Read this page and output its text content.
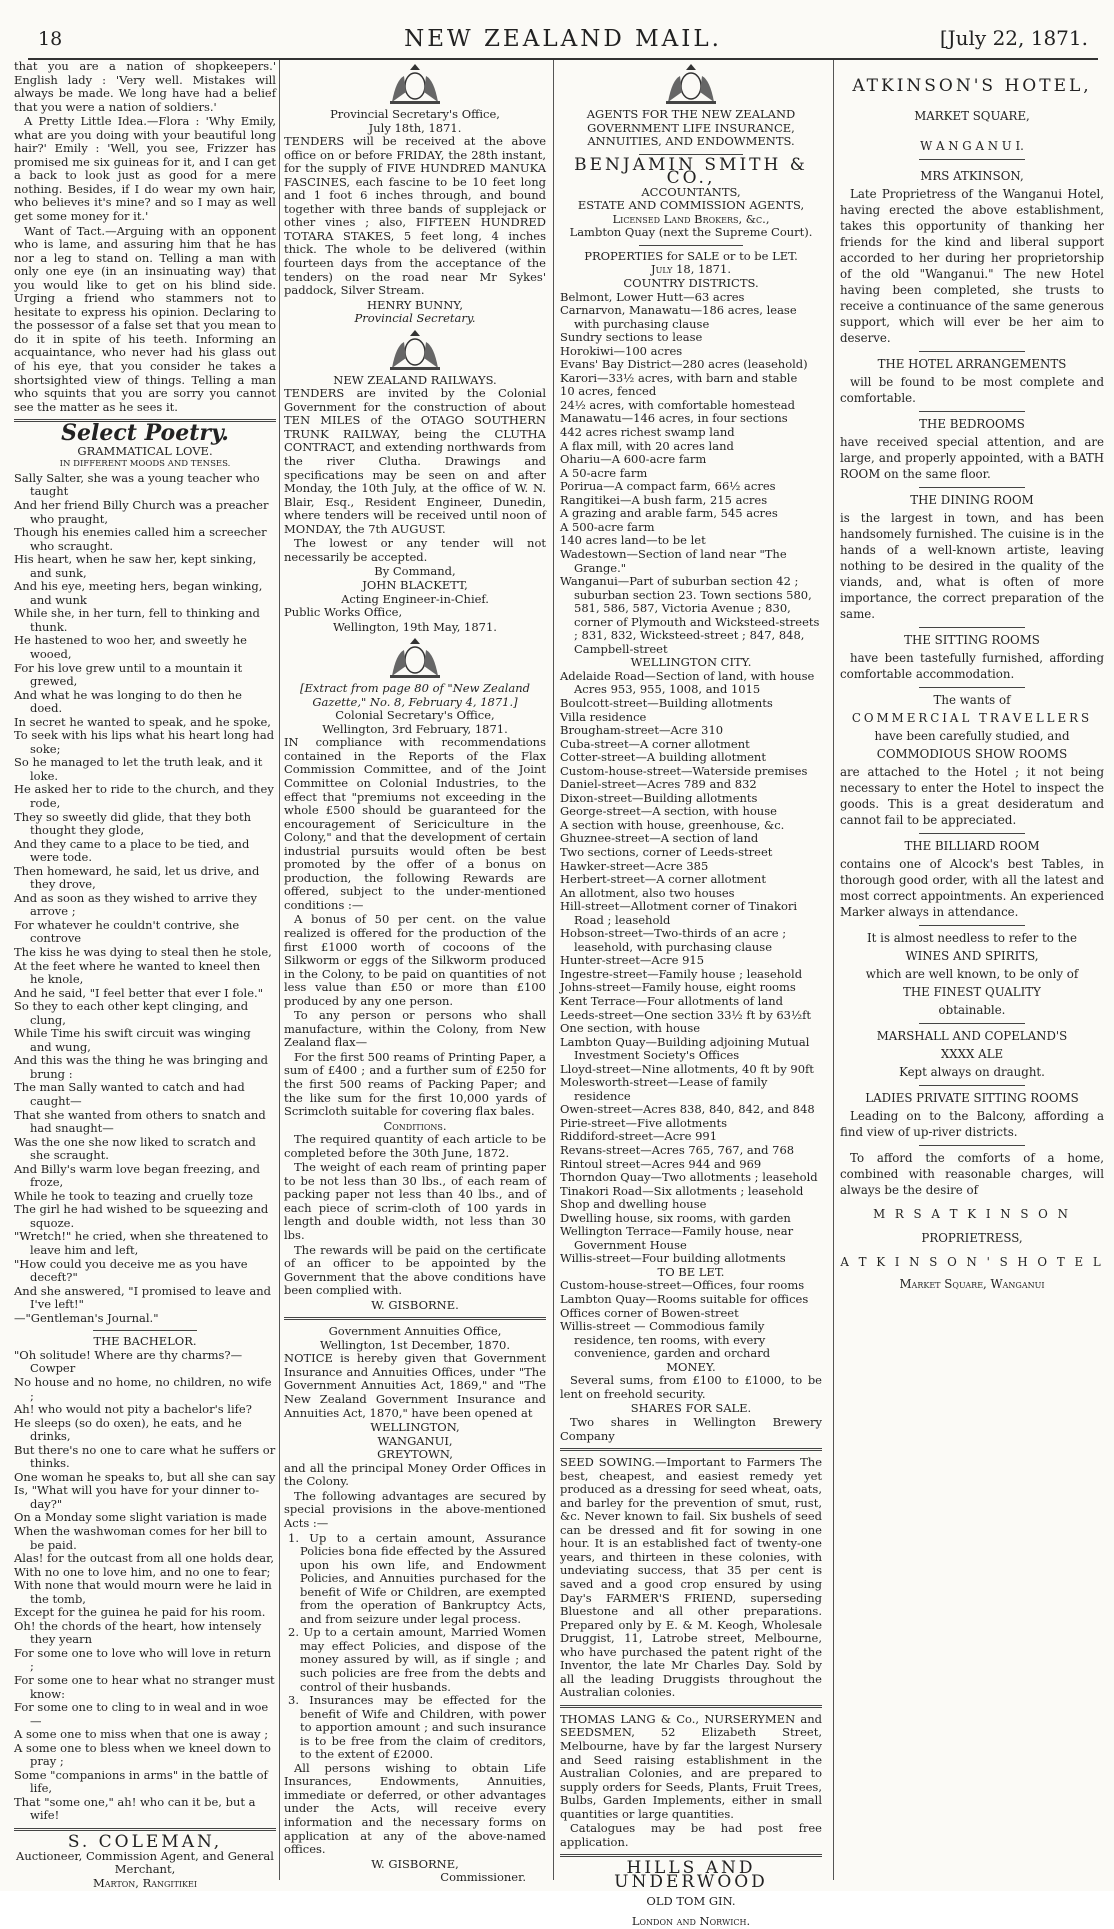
18	NEW ZEALAND MAIL.	[July 22, 1871.

that you are a nation of shopkeepers.' English lady : 'Very well. Mistakes will always be made. We long have had a belief that you were a nation of soldiers.'

A Pretty Little Idea.—Flora : 'Why Emily, what are you doing with your beautiful long hair?' Emily : 'Well, you see, Frizzer has promised me six guineas for it, and I can get a back to look just as good for a mere nothing. Besides, if I do wear my own hair, who believes it's mine? and so I may as well get some money for it.'

Want of Tact.—Arguing with an opponent who is lame, and assuring him that he has nor a leg to stand on. Telling a man with only one eye (in an insinuating way) that you would like to get on his blind side. Urging a friend who stammers not to hesitate to express his opinion. Declaring to the possessor of a false set that you mean to do it in spite of his teeth. Informing an acquaintance, who never had his glass out of his eye, that you consider he takes a shortsighted view of things. Telling a man who squints that you are sorry you cannot see the matter as he sees it.

Select Poetry.
GRAMMATICAL LOVE.
IN DIFFERENT MOODS AND TENSES.
Sally Salter, she was a young teacher who taught
And her friend Billy Church was a preacher who praught,
Though his enemies called him a screecher who scraught.
His heart, when he saw her, kept sinking, and sunk,
And his eye, meeting hers, began winking, and wunk
While she, in her turn, fell to thinking and thunk.
He hastened to woo her, and sweetly he wooed,
For his love grew until to a mountain it grewed,
And what he was longing to do then he doed.
In secret he wanted to speak, and he spoke,
To seek with his lips what his heart long had soke;
So he managed to let the truth leak, and it loke.
He asked her to ride to the church, and they rode,
They so sweetly did glide, that they both thought they glode,
And they came to a place to be tied, and were tode.
Then homeward, he said, let us drive, and they drove,
And as soon as they wished to arrive they arrove ;
For whatever he couldn't contrive, she controve
The kiss he was dying to steal then he stole,
At the feet where he wanted to kneel then he knole,
And he said, "I feel better that ever I fole."
So they to each other kept clinging, and clung,
While Time his swift circuit was winging and wung,
And this was the thing he was bringing and brung :
The man Sally wanted to catch and had caught—
That she wanted from others to snatch and had snaught—
Was the one she now liked to scratch and she scraught.
And Billy's warm love began freezing, and froze,
While he took to teazing and cruelly toze
The girl he had wished to be squeezing and squoze.
"Wretch!" he cried, when she threatened to leave him and left,
"How could you deceive me as you have deceft?"
And she answered, "I promised to leave and I've left!"
—"Gentleman's Journal."
THE BACHELOR.
"Oh solitude! Where are thy charms?—Cowper
No house and no home, no children, no wife ;
Ah! who would not pity a bachelor's life?
He sleeps (so do oxen), he eats, and he drinks,
But there's no one to care what he suffers or thinks.
One woman he speaks to, but all she can say
Is, "What will you have for your dinner to-day?"
On a Monday some slight variation is made
When the washwoman comes for her bill to be paid.
Alas! for the outcast from all one holds dear,
With no one to love him, and no one to fear;
With none that would mourn were he laid in the tomb,
Except for the guinea he paid for his room.
Oh! the chords of the heart, how intensely they yearn
For some one to love who will love in return ;
For some one to hear what no stranger must know:
For some one to cling to in weal and in woe—
A some one to miss when that one is away ;
A some one to bless when we kneel down to pray ;
Some "companions in arms" in the battle of life,
That "some one," ah! who can it be, but a wife!
S. COLEMAN,
Auctioneer, Commission Agent, and General Merchant,
Marton, Rangitikei
Provincial Secretary's Office,
July 18th, 1871.

TENDERS will be received at the above office on or before FRIDAY, the 28th instant, for the supply of FIVE HUNDRED MANUKA FASCINES, each fascine to be 10 feet long and 1 foot 6 inches through, and bound together with three bands of supplejack or other vines ; also, FIFTEEN HUNDRED TOTARA STAKES, 5 feet long, 4 inches thick. The whole to be delivered (within fourteen days from the acceptance of the tenders) on the road near Mr Sykes' paddock, Silver Stream.

HENRY BUNNY,
Provincial Secretary.
NEW ZEALAND RAILWAYS.

TENDERS are invited by the Colonial Government for the construction of about TEN MILES of the OTAGO SOUTHERN TRUNK RAILWAY, being the CLUTHA CONTRACT, and extending northwards from the river Clutha. Drawings and specifications may be seen on and after Monday, the 10th July, at the office of W. N. Blair, Esq., Resident Engineer, Dunedin, where tenders will be received until noon of MONDAY, the 7th AUGUST.

The lowest or any tender will not necessarily be accepted.

By Command,
JOHN BLACKETT,
Acting Engineer-in-Chief.
Public Works Office,
Wellington, 19th May, 1871.
[Extract from page 80 of "New Zealand Gazette," No. 8, February 4, 1871.]
Colonial Secretary's Office,
Wellington, 3rd February, 1871.

IN compliance with recommendations contained in the Reports of the Flax Commission Committee, and of the Joint Committee on Colonial Industries, to the effect that "premiums not exceeding in the whole £500 should be guaranteed for the encouragement of Sericiculture in the Colony," and that the development of certain industrial pursuits would often be best promoted by the offer of a bonus on production, the following Rewards are offered, subject to the under-mentioned conditions :—

A bonus of 50 per cent. on the value realized is offered for the production of the first £1000 worth of cocoons of the Silkworm or eggs of the Silkworm produced in the Colony, to be paid on quantities of not less value than £50 or more than £100 produced by any one person.

To any person or persons who shall manufacture, within the Colony, from New Zealand flax—

For the first 500 reams of Printing Paper, a sum of £400 ; and a further sum of £250 for the first 500 reams of Packing Paper; and the like sum for the first 10,000 yards of Scrimcloth suitable for covering flax bales.

Conditions.

The required quantity of each article to be completed before the 30th June, 1872.

The weight of each ream of printing paper to be not less than 30 lbs., of each ream of packing paper not less than 40 lbs., and of each piece of scrim-cloth of 100 yards in length and double width, not less than 30 lbs.

The rewards will be paid on the certificate of an officer to be appointed by the Government that the above conditions have been complied with.

W. GISBORNE.
Government Annuities Office,
Wellington, 1st December, 1870.

NOTICE is hereby given that Government Insurance and Annuities Offices, under "The Government Annuities Act, 1869," and "The New Zealand Government Insurance and Annuities Act, 1870," have been opened at

WELLINGTON,
WANGANUI,
GREYTOWN,

and all the principal Money Order Offices in the Colony.

The following advantages are secured by special provisions in the above-mentioned Acts :—

1. Up to a certain amount, Assurance Policies bona fide effected by the Assured upon his own life, and Endowment Policies, and Annuities purchased for the benefit of Wife or Children, are exempted from the operation of Bankruptcy Acts, and from seizure under legal process.
2. Up to a certain amount, Married Women may effect Policies, and dispose of the money assured by will, as if single ; and such policies are free from the debts and control of their husbands.
3. Insurances may be effected for the benefit of Wife and Children, with power to apportion amount ; and such insurance is to be free from the claim of creditors, to the extent of £2000.

All persons wishing to obtain Life Insurances, Endowments, Annuities, immediate or deferred, or other advantages under the Acts, will receive every information and the necessary forms on application at any of the above-named offices.

W. GISBORNE,
Commissioner.
AGENTS FOR THE NEW ZEALAND GOVERNMENT LIFE INSURANCE, ANNUITIES, AND ENDOWMENTS.
BENJAMIN SMITH & CO.,
ACCOUNTANTS,
ESTATE AND COMMISSION AGENTS,
Licensed Land Brokers, &c.,
Lambton Quay (next the Supreme Court).
PROPERTIES for SALE or to be LET.
July 18, 1871.
COUNTRY DISTRICTS.
Belmont, Lower Hutt—63 acres
Carnarvon, Manawatu—186 acres, lease with purchasing clause
Sundry sections to lease
Horokiwi—100 acres
Evans' Bay District—280 acres (leasehold)
Karori—33½ acres, with barn and stable
10 acres, fenced
24½ acres, with comfortable homestead
Manawatu—146 acres, in four sections
442 acres richest swamp land
A flax mill, with 20 acres land
Ohariu—A 600-acre farm
A 50-acre farm
Porirua—A compact farm, 66½ acres
Rangitikei—A bush farm, 215 acres
A grazing and arable farm, 545 acres
A 500-acre farm
140 acres land—to be let
Wadestown—Section of land near "The Grange."
Wanganui—Part of suburban section 42 ; suburban section 23. Town sections 580, 581, 586, 587, Victoria Avenue ; 830, corner of Plymouth and Wicksteed-streets ; 831, 832, Wicksteed-street ; 847, 848, Campbell-street
WELLINGTON CITY.
Adelaide Road—Section of land, with house Acres 953, 955, 1008, and 1015
Boulcott-street—Building allotments
Villa residence
Brougham-street—Acre 310
Cuba-street—A corner allotment
Cotter-street—A building allotment
Custom-house-street—Waterside premises
Daniel-street—Acres 789 and 832
Dixon-street—Building allotments
George-street—A section, with house
A section with house, greenhouse, &c.
Ghuznee-street—A section of land
Two sections, corner of Leeds-street
Hawker-street—Acre 385
Herbert-street—A corner allotment
An allotment, also two houses
Hill-street—Allotment corner of Tinakori Road ; leasehold
Hobson-street—Two-thirds of an acre ; leasehold, with purchasing clause
Hunter-street—Acre 915
Ingestre-street—Family house ; leasehold
Johns-street—Family house, eight rooms
Kent Terrace—Four allotments of land
Leeds-street—One section 33½ ft by 63½ft
One section, with house
Lambton Quay—Building adjoining Mutual Investment Society's Offices
Lloyd-street—Nine allotments, 40 ft by 90ft
Molesworth-street—Lease of family residence
Owen-street—Acres 838, 840, 842, and 848
Pirie-street—Five allotments
Riddiford-street—Acre 991
Revans-street—Acres 765, 767, and 768
Rintoul street—Acres 944 and 969
Thorndon Quay—Two allotments ; leasehold
Tinakori Road—Six allotments ; leasehold
Shop and dwelling house
Dwelling house, six rooms, with garden
Wellington Terrace—Family house, near Government House
Willis-street—Four building allotments
TO BE LET.
Custom-house-street—Offices, four rooms
Lambton Quay—Rooms suitable for offices
Offices corner of Bowen-street
Willis-street — Commodious family residence, ten rooms, with every convenience, garden and orchard
MONEY.

Several sums, from £100 to £1000, to be lent on freehold security.

SHARES FOR SALE.

Two shares in Wellington Brewery Company

SEED SOWING.—Important to Farmers The best, cheapest, and easiest remedy yet produced as a dressing for seed wheat, oats, and barley for the prevention of smut, rust, &c. Never known to fail. Six bushels of seed can be dressed and fit for sowing in one hour. It is an established fact of twenty-one years, and thirteen in these colonies, with undeviating success, that 35 per cent is saved and a good crop ensured by using Day's FARMER'S FRIEND, superseding Bluestone and all other preparations. Prepared only by E. & M. Keogh, Wholesale Druggist, 11, Latrobe street, Melbourne, who have purchased the patent right of the Inventor, the late Mr Charles Day. Sold by all the leading Druggists throughout the Australian colonies.

THOMAS LANG & Co., NURSERYMEN and SEEDSMEN, 52 Elizabeth Street, Melbourne, have by far the largest Nursery and Seed raising establishment in the Australian Colonies, and are prepared to supply orders for Seeds, Plants, Fruit Trees, Bulbs, Garden Implements, either in small quantities or large quantities.

Catalogues may be had post free application.

HILLS AND UNDERWOOD
OLD TOM GIN.
London and Norwich.
ATKINSON'S HOTEL,
MARKET SQUARE,
W A N G A N U I.
MRS ATKINSON,

Late Proprietress of the Wanganui Hotel, having erected the above establishment, takes this opportunity of thanking her friends for the kind and liberal support accorded to her during her proprietorship of the old "Wanganui." The new Hotel having been completed, she trusts to receive a continuance of the same generous support, which will ever be her aim to deserve.

THE HOTEL ARRANGEMENTS

will be found to be most complete and comfortable.

THE BEDROOMS

have received special attention, and are large, and properly appointed, with a BATH ROOM on the same floor.

THE DINING ROOM

is the largest in town, and has been handsomely furnished. The cuisine is in the hands of a well-known artiste, leaving nothing to be desired in the quality of the viands, and, what is often of more importance, the correct preparation of the same.

THE SITTING ROOMS

have been tastefully furnished, affording comfortable accommodation.

The wants of
COMMERCIAL TRAVELLERS
have been carefully studied, and
COMMODIOUS SHOW ROOMS

are attached to the Hotel ; it not being necessary to enter the Hotel to inspect the goods. This is a great desideratum and cannot fail to be appreciated.

THE BILLIARD ROOM

contains one of Alcock's best Tables, in thorough good order, with all the latest and most correct appointments. An experienced Marker always in attendance.

It is almost needless to refer to the
WINES AND SPIRITS,
which are well known, to be only of
THE FINEST QUALITY
obtainable.
MARSHALL AND COPELAND'S
XXXX ALE
Kept always on draught.
LADIES PRIVATE SITTING ROOMS

Leading on to the Balcony, affording a find view of up-river districts.

To afford the comforts of a home, combined with reasonable charges, will always be the desire of

M R S A T K I N S O N
PROPRIETRESS,
A T K I N S O N ' S H O T E L
Market Square, Wanganui
